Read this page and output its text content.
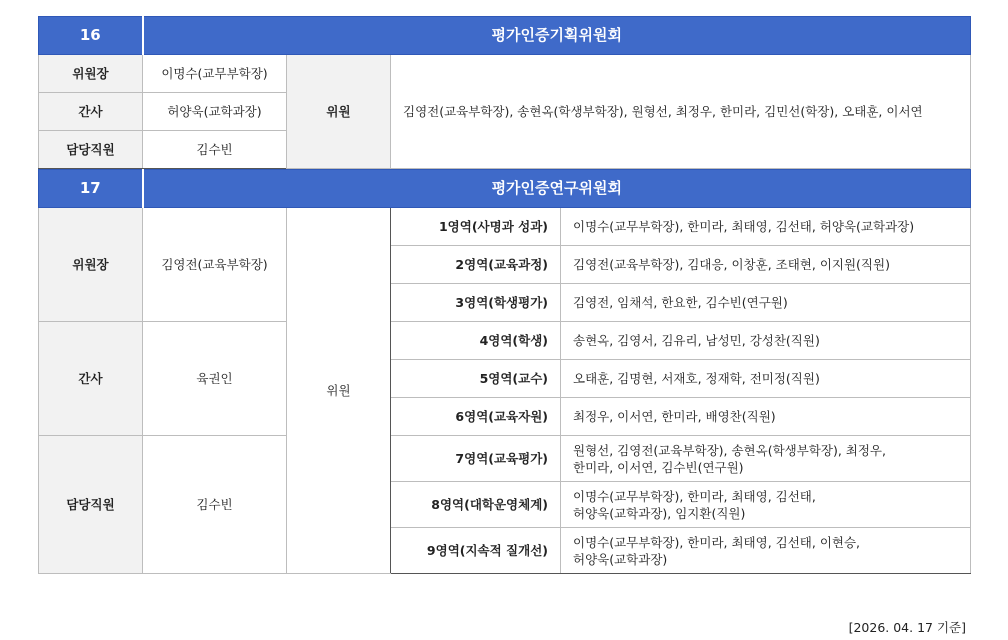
16	평가인증기획위원회		
위원장	이명수(교무부학장)	위원	김영전(교육부학장), 송현옥(학생부학장), 원형선, 최정우, 한미라, 김민선(학장), 오태훈, 이서연
간사	허양욱(교학과장)		
담당직원	김수빈		
17	평가인증연구위원회			
위원장	김영전(교육부학장)	위원	1영역(사명과 성과)	이명수(교무부학장), 한미라, 최태영, 김선태, 허양욱(교학과장)
			2영역(교육과정)	김영전(교육부학장), 김대응, 이창훈, 조태현, 이지원(직원)
			3영역(학생평가)	김영전, 임채석, 한요한, 김수빈(연구원)
간사	육권인		4영역(학생)	송현옥, 김영서, 김유리, 남성민, 강성찬(직원)
			5영역(교수)	오태훈, 김명현, 서재호, 정재학, 전미정(직원)
			6영역(교육자원)	최정우, 이서연, 한미라, 배영찬(직원)
담당직원	김수빈		7영역(교육평가)	원형선, 김영전(교육부학장), 송현옥(학생부학장), 최정우,
한미라, 이서연, 김수빈(연구원)

			8영역(대학운영체계)	이명수(교무부학장), 한미라, 최태영, 김선태,
허양욱(교학과장), 임지환(직원)

			9영역(지속적 질개선)	이명수(교무부학장), 한미라, 최태영, 김선태, 이현승,
허양욱(교학과장)
[2026. 04. 17 기준]
